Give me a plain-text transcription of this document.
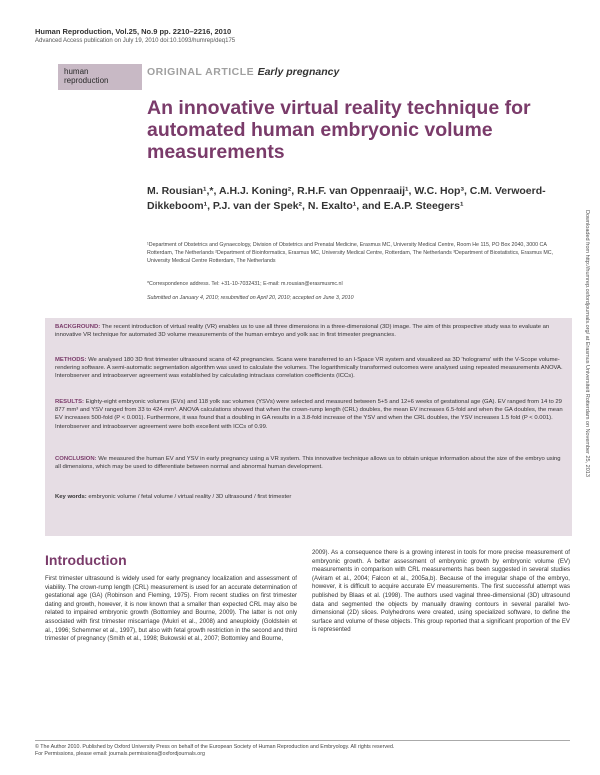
Human Reproduction, Vol.25, No.9 pp. 2210–2216, 2010
Advanced Access publication on July 19, 2010 doi:10.1093/humrep/deq175
human
reproduction
ORIGINAL ARTICLE Early pregnancy
An innovative virtual reality technique for automated human embryonic volume measurements
M. Rousian¹,*, A.H.J. Koning², R.H.F. van Oppenraaij¹, W.C. Hop³, C.M. Verwoerd-Dikkeboom¹, P.J. van der Spek², N. Exalto¹, and E.A.P. Steegers¹
¹Department of Obstetrics and Gynaecology, Division of Obstetrics and Prenatal Medicine, Erasmus MC, University Medical Centre, Room He 115, PO Box 2040, 3000 CA Rotterdam, The Netherlands ²Department of Bioinformatics, Erasmus MC, University Medical Centre, Rotterdam, The Netherlands ³Department of Biostatistics, Erasmus MC, University Medical Centre Rotterdam, The Netherlands
*Correspondence address. Tel: +31-10-7032431; E-mail: m.rousian@erasmusmc.nl
Submitted on January 4, 2010; resubmitted on April 20, 2010; accepted on June 3, 2010	Downloaded from http://humrep.oxfordjournals.org/ at Erasmus Universiteit Rotterdam on November 25, 2013
BACKGROUND: The recent introduction of virtual reality (VR) enables us to use all three dimensions in a three-dimensional (3D) image. The aim of this prospective study was to evaluate an innovative VR technique for automated 3D volume measurements of the human embryo and yolk sac in first trimester pregnancies.
METHODS: We analysed 180 3D first trimester ultrasound scans of 42 pregnancies. Scans were transferred to an I-Space VR system and visualized as 3D 'holograms' with the V-Scope volume-rendering software. A semi-automatic segmentation algorithm was used to calculate the volumes. The logarithmically transformed outcomes were analysed using repeated measurements ANOVA. Interobserver and intraobserver agreement was established by calculating intraclass correlation coefficients (ICCs).
RESULTS: Eighty-eight embryonic volumes (EVs) and 118 yolk sac volumes (YSVs) were selected and measured between 5+5 and 12+6 weeks of gestational age (GA). EV ranged from 14 to 29 877 mm³ and YSV ranged from 33 to 424 mm³. ANOVA calculations showed that when the crown-rump length (CRL) doubles, the mean EV increases 6.5-fold and when the GA doubles, the mean EV increases 500-fold (P < 0.001). Furthermore, it was found that a doubling in GA results in a 3.8-fold increase of the YSV and when the CRL doubles, the YSV increases 1.5 fold (P < 0.001). Interobserver and intraobserver agreement were both excellent with ICCs of 0.99.
CONCLUSION: We measured the human EV and YSV in early pregnancy using a VR system. This innovative technique allows us to obtain unique information about the size of the embryo using all dimensions, which may be used to differentiate between normal and abnormal human development.
Key words: embryonic volume / fetal volume / virtual reality / 3D ultrasound / first trimester
Introduction
First trimester ultrasound is widely used for early pregnancy localization and assessment of viability. The crown-rump length (CRL) measurement is used for an accurate determination of gestational age (GA) (Robinson and Fleming, 1975). From recent studies on first trimester dating and growth, however, it is now known that a smaller than expected CRL may also be related to impaired embryonic growth (Bottomley and Bourne, 2009). The latter is not only associated with first trimester miscarriage (Mukri et al., 2008) and aneuploidy (Goldstein et al., 1996; Schemmer et al., 1997), but also with fetal growth restriction in the second and third trimester of pregnancy (Smith et al., 1998; Bukowski et al., 2007; Bottomley and Bourne,
2009). As a consequence there is a growing interest in tools for more precise measurement of embryonic growth. A better assessment of embryonic growth by embryonic volume (EV) measurements in comparison with CRL measurements has been suggested in several studies (Aviram et al., 2004; Falcon et al., 2005a,b). Because of the irregular shape of the embryo, however, it is difficult to acquire accurate EV measurements. The first successful attempt was published by Blaas et al. (1998). The authors used vaginal three-dimensional (3D) ultrasound data and segmented the objects by manually drawing contours in several parallel two-dimensional (2D) slices. Polyhedrons were created, using specialized software, to define the surface and volume of these objects. This group reported that a significant proportion of the EV is represented
© The Author 2010. Published by Oxford University Press on behalf of the European Society of Human Reproduction and Embryology. All rights reserved.
For Permissions, please email: journals.permissions@oxfordjournals.org
